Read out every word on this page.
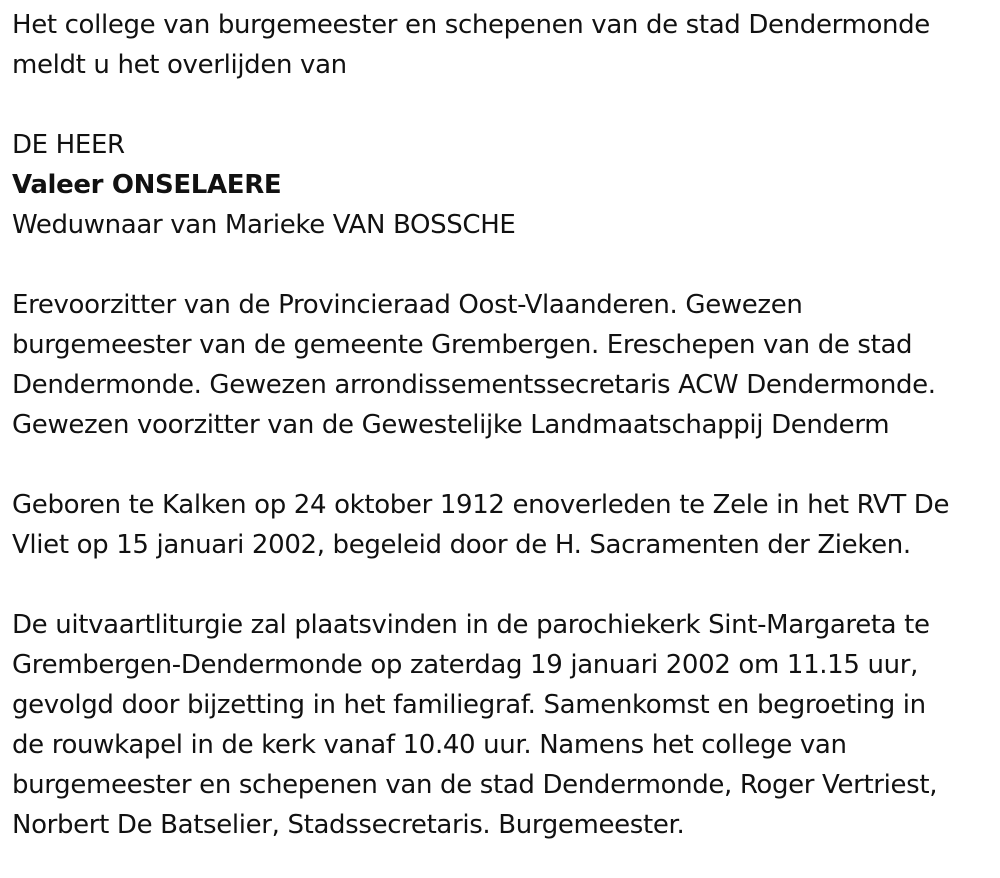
Het college van burgemeester en schepenen van de stad Dendermonde
meldt u het overlijden van
DE HEER
Valeer ONSELAERE
Weduwnaar van Marieke VAN BOSSCHE
Erevoorzitter van de Provincieraad Oost-Vlaanderen. Gewezen
burgemeester van de gemeente Grembergen. Ereschepen van de stad
Dendermonde. Gewezen arrondissementssecretaris ACW Dendermonde.
Gewezen voorzitter van de Gewestelijke Landmaatschappij Denderm
Geboren te Kalken op 24 oktober 1912 enoverleden te Zele in het RVT De
Vliet op 15 januari 2002, begeleid door de H. Sacramenten der Zieken.
De uitvaartliturgie zal plaatsvinden in de parochiekerk Sint-Margareta te
Grembergen-Dendermonde op zaterdag 19 januari 2002 om 11.15 uur,
gevolgd door bijzetting in het familiegraf. Samenkomst en begroeting in
de rouwkapel in de kerk vanaf 10.40 uur. Namens het college van
burgemeester en schepenen van de stad Dendermonde, Roger Vertriest,
Norbert De Batselier, Stadssecretaris. Burgemeester.
